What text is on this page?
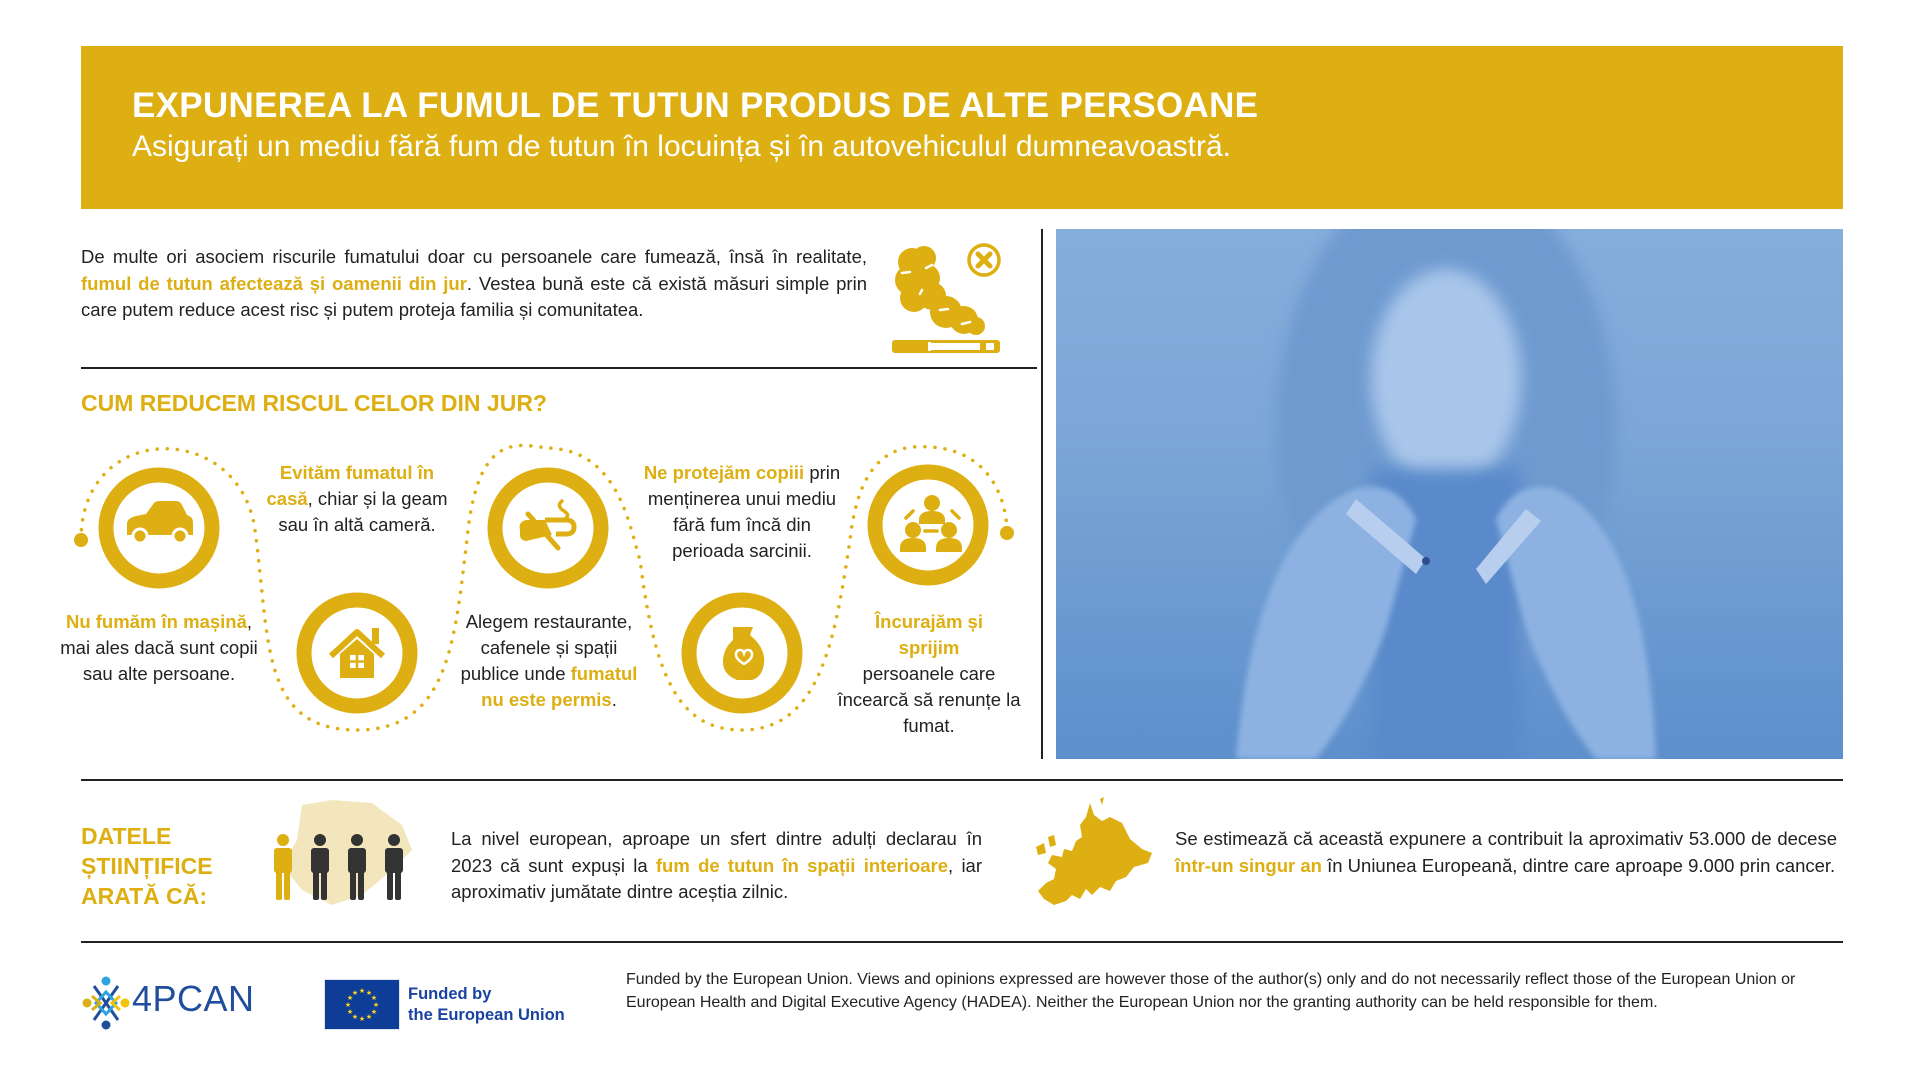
EXPUNEREA LA FUMUL DE TUTUN PRODUS DE ALTE PERSOANE
Asigurați un mediu fără fum de tutun în locuința și în autovehiculul dumneavoastră.

De multe ori asociem riscurile fumatului doar cu persoanele care fumează, însă în realitate, fumul de tutun afectează și oamenii din jur. Vestea bună este că există măsuri simple prin care putem reduce acest risc și putem proteja familia și comunitatea.

CUM REDUCEM RISCUL CELOR DIN JUR?
Nu fumăm în mașină, mai ales dacă sunt copii sau alte persoane.
Evităm fumatul în casă, chiar și la geam sau în altă cameră.
Alegem restaurante, cafenele și spații publice unde fumatul nu este permis.
Ne protejăm copiii prin menținerea unui mediu fără fum încă din perioada sarcinii.
Încurajăm și sprijim persoanele care încearcă să renunțe la fumat.
DATELE
ȘTIINȚIFICE
ARATĂ CĂ:

La nivel european, aproape un sfert dintre adulți declarau în 2023 că sunt expuși la fum de tutun în spații interioare, iar aproximativ jumătate dintre aceștia zilnic.

Se estimează că această expunere a contribuit la aproximativ 53.000 de decese într-un singur an în Uniunea Europeană, dintre care aproape 9.000 prin cancer.

4PCAN	★ ★
★
★
★
★
★
★
★
★
★
★	Funded by
the European Union

Funded by the European Union. Views and opinions expressed are however those of the author(s) only and do not necessarily reflect those of the European Union or European Health and Digital Executive Agency (HADEA). Neither the European Union nor the granting authority can be held responsible for them.
